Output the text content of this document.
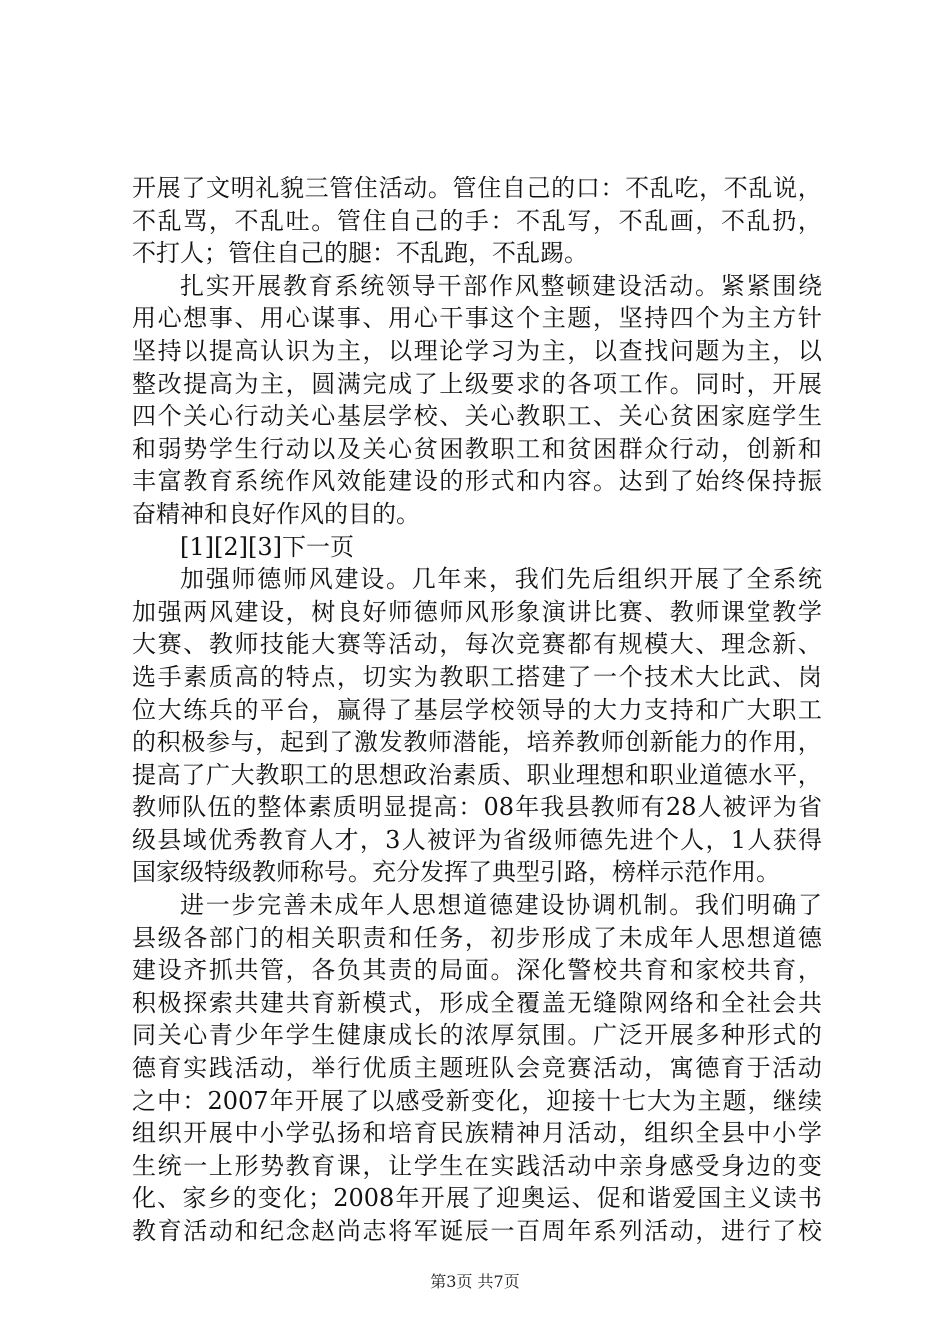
开 展 了 文 明 礼 貌 三 管 住 活 动 。 管 住 自 己 的 口 ： 不 乱 吃 ， 不 乱 说 ，
不 乱 骂 ， 不 乱 吐 。 管 住 自 己 的 手 ： 不 乱 写 ， 不 乱 画 ， 不 乱 扔 ，
不打人；管住自己的腿：不乱跑，不乱踢。
扎 实 开 展 教 育 系 统 领 导 干 部 作 风 整 顿 建 设 活 动 。 紧 紧 围 绕
用 心 想 事 、 用 心 谋 事 、 用 心 干 事 这 个 主 题 ， 坚 持 四 个 为 主 方 针
坚 持 以 提 高 认 识 为 主 ， 以 理 论 学 习 为 主 ， 以 查 找 问 题 为 主 ， 以
整 改 提 高 为 主 ， 圆 满 完 成 了 上 级 要 求 的 各 项 工 作 。 同 时 ， 开 展
四 个 关 心 行 动 关 心 基 层 学 校 、 关 心 教 职 工 、 关 心 贫 困 家 庭 学 生
和 弱 势 学 生 行 动 以 及 关 心 贫 困 教 职 工 和 贫 困 群 众 行 动 ， 创 新 和
丰 富 教 育 系 统 作 风 效 能 建 设 的 形 式 和 内 容 。 达 到 了 始 终 保 持 振
奋精神和良好作风的目的。
[1][2][3]下一页
加 强 师 德 师 风 建 设 。 几 年 来 ， 我 们 先 后 组 织 开 展 了 全 系 统
加 强 两 风 建 设 ， 树 良 好 师 德 师 风 形 象 演 讲 比 赛 、 教 师 课 堂 教 学
大 赛 、 教 师 技 能 大 赛 等 活 动 ， 每 次 竞 赛 都 有 规 模 大 、 理 念 新 、
选 手 素 质 高 的 特 点 ， 切 实 为 教 职 工 搭 建 了 一 个 技 术 大 比 武 、 岗
位 大 练 兵 的 平 台 ， 赢 得 了 基 层 学 校 领 导 的 大 力 支 持 和 广 大 职 工
的 积 极 参 与 ， 起 到 了 激 发 教 师 潜 能 ， 培 养 教 师 创 新 能 力 的 作 用 ，
提 高 了 广 大 教 职 工 的 思 想 政 治 素 质 、 职 业 理 想 和 职 业 道 德 水 平 ，
教 师 队 伍 的 整 体 素 质 明 显 提 高 ： 08 年 我 县 教 师 有 28 人 被 评 为 省
级 县 域 优 秀 教 育 人 才 ， 3 人 被 评 为 省 级 师 德 先 进 个 人 ， 1 人 获 得
国家级特级教师称号。充分发挥了典型引路，榜样示范作用。
进 一 步 完 善 未 成 年 人 思 想 道 德 建 设 协 调 机 制 。 我 们 明 确 了
县 级 各 部 门 的 相 关 职 责 和 任 务 ， 初 步 形 成 了 未 成 年 人 思 想 道 德
建 设 齐 抓 共 管 ， 各 负 其 责 的 局 面 。 深 化 警 校 共 育 和 家 校 共 育 ，
积 极 探 索 共 建 共 育 新 模 式 ， 形 成 全 覆 盖 无 缝 隙 网 络 和 全 社 会 共
同 关 心 青 少 年 学 生 健 康 成 长 的 浓 厚 氛 围 。 广 泛 开 展 多 种 形 式 的
德 育 实 践 活 动 ， 举 行 优 质 主 题 班 队 会 竞 赛 活 动 ， 寓 德 育 于 活 动
之 中 ： 2007 年 开 展 了 以 感 受 新 变 化 ， 迎 接 十 七 大 为 主 题 ， 继 续
组 织 开 展 中 小 学 弘 扬 和 培 育 民 族 精 神 月 活 动 ， 组 织 全 县 中 小 学
生 统 一 上 形 势 教 育 课 ， 让 学 生 在 实 践 活 动 中 亲 身 感 受 身 边 的 变
化 、 家 乡 的 变 化 ； 2008 年 开 展 了 迎 奥 运 、 促 和 谐 爱 国 主 义 读 书
教 育 活 动 和 纪 念 赵 尚 志 将 军 诞 辰 一 百 周 年 系 列 活 动 ， 进 行 了 校
第3页 共7页
